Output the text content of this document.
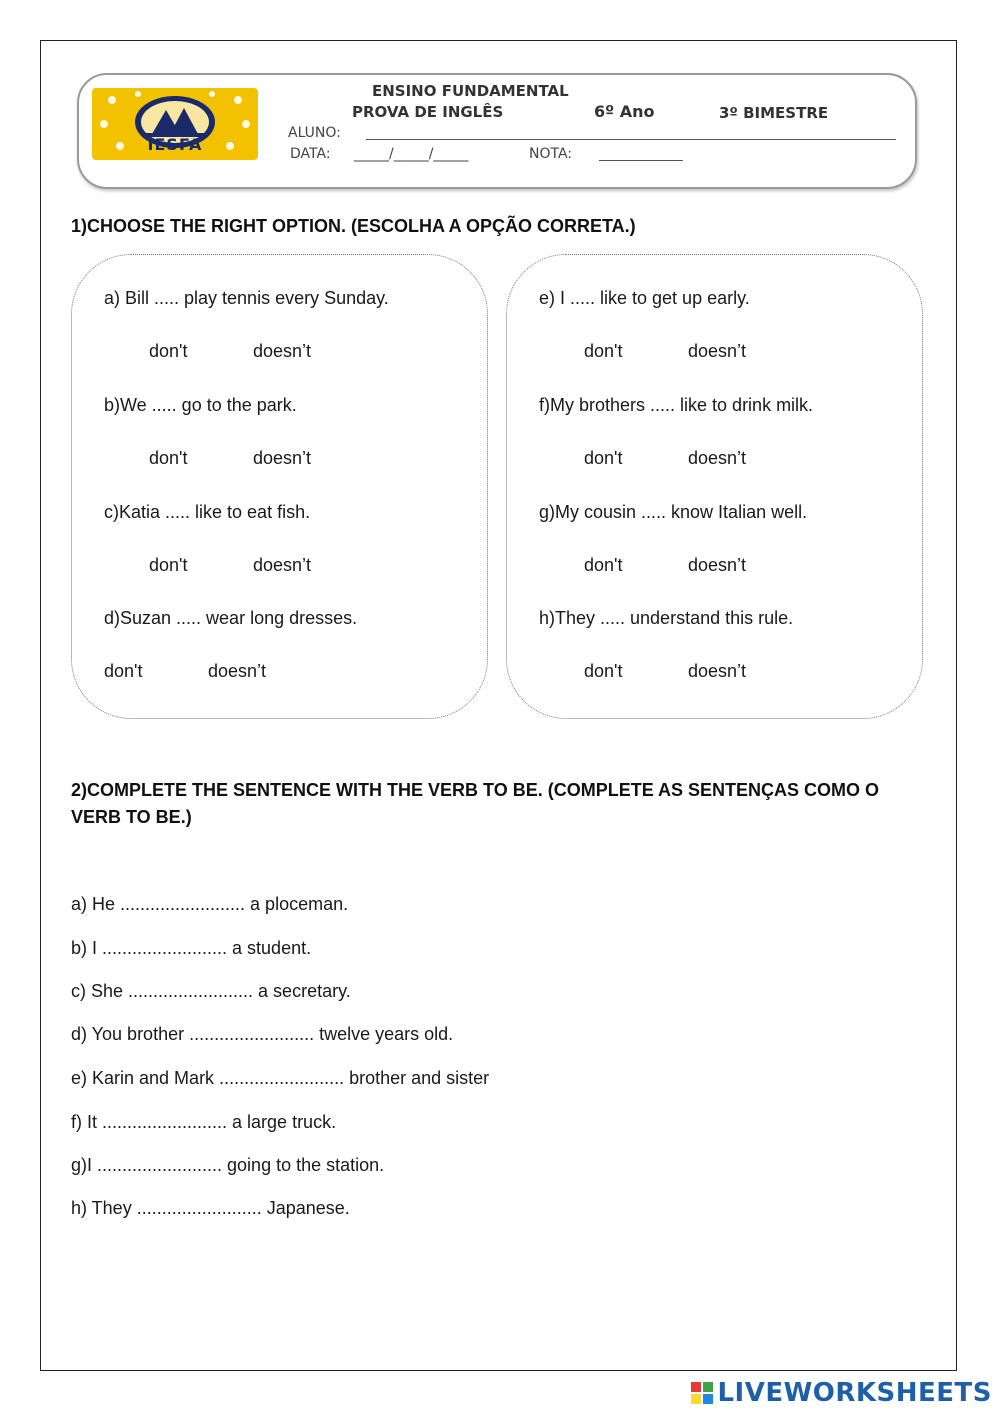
IESFA
ENSINO FUNDAMENTAL
PROVA DE INGLÊS	6º Ano	3º BIMESTRE
ALUNO:
DATA: _____/_____/_____	NOTA:
1)CHOOSE THE RIGHT OPTION. (ESCOLHA A OPÇÃO CORRETA.)
a) Bill ..... play tennis every Sunday.
don't	doesn’t
b)We ..... go to the park.
don't	doesn’t
c)Katia ..... like to eat fish.
don't	doesn’t
d)Suzan ..... wear long dresses.
don't	doesn’t
e) I ..... like to get up early.
don't	doesn’t
f)My brothers ..... like to drink milk.
don't	doesn’t
g)My cousin ..... know Italian well.
don't	doesn’t
h)They ..... understand this rule.
don't	doesn’t
2)COMPLETE THE SENTENCE WITH THE VERB TO BE. (COMPLETE AS SENTENÇAS COMO O VERB TO BE.)
a) He ......................... a ploceman.
b) I ......................... a student.
c) She ......................... a secretary.
d) You brother ......................... twelve years old.
e) Karin and Mark ......................... brother and sister
f) It ......................... a large truck.
g)I ......................... going to the station.
h) They ......................... Japanese.
LIVEWORKSHEETS
